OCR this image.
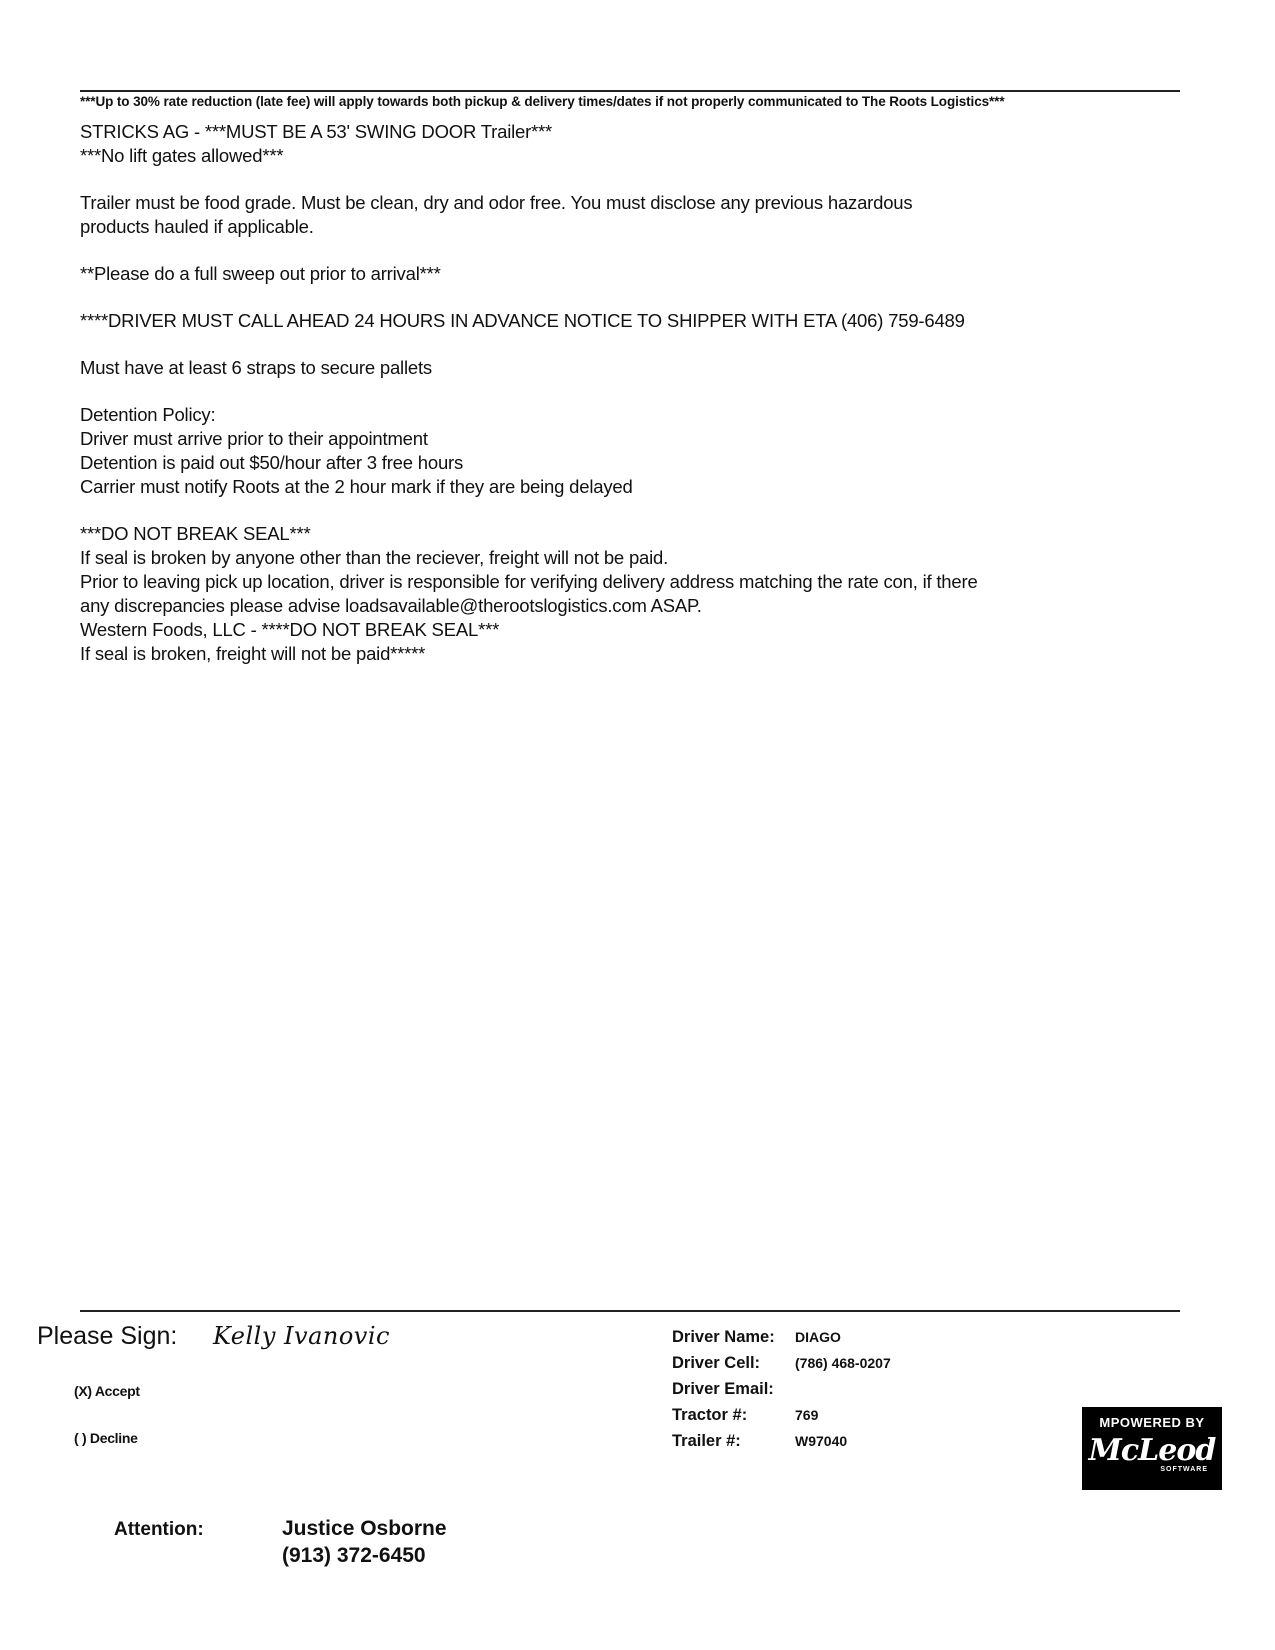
***Up to 30% rate reduction (late fee) will apply towards both pickup & delivery times/dates if not properly communicated to The Roots Logistics***
STRICKS AG - ***MUST BE A 53' SWING DOOR Trailer***
***No lift gates allowed***
Trailer must be food grade. Must be clean, dry and odor free. You must disclose any previous hazardous
products hauled if applicable.
**Please do a full sweep out prior to arrival***
****DRIVER MUST CALL AHEAD 24 HOURS IN ADVANCE NOTICE TO SHIPPER WITH ETA (406) 759-6489
Must have at least 6 straps to secure pallets
Detention Policy:
Driver must arrive prior to their appointment
Detention is paid out $50/hour after 3 free hours
Carrier must notify Roots at the 2 hour mark if they are being delayed
***DO NOT BREAK SEAL***
If seal is broken by anyone other than the reciever, freight will not be paid.
Prior to leaving pick up location, driver is responsible for verifying delivery address matching the rate con, if there
any discrepancies please advise loadsavailable@therootslogistics.com ASAP.
Western Foods, LLC - ****DO NOT BREAK SEAL***
If seal is broken, freight will not be paid*****
Please Sign: Kelly Ivanovic
(X) Accept
( ) Decline
Driver Name: DIAGO
Driver Cell: (786) 468-0207
Driver Email:
Tractor #:	769
Trailer #:	W97040
MPOWERED BY
McLeod
SOFTWARE
Attention:	Justice Osborne
(913) 372-6450
